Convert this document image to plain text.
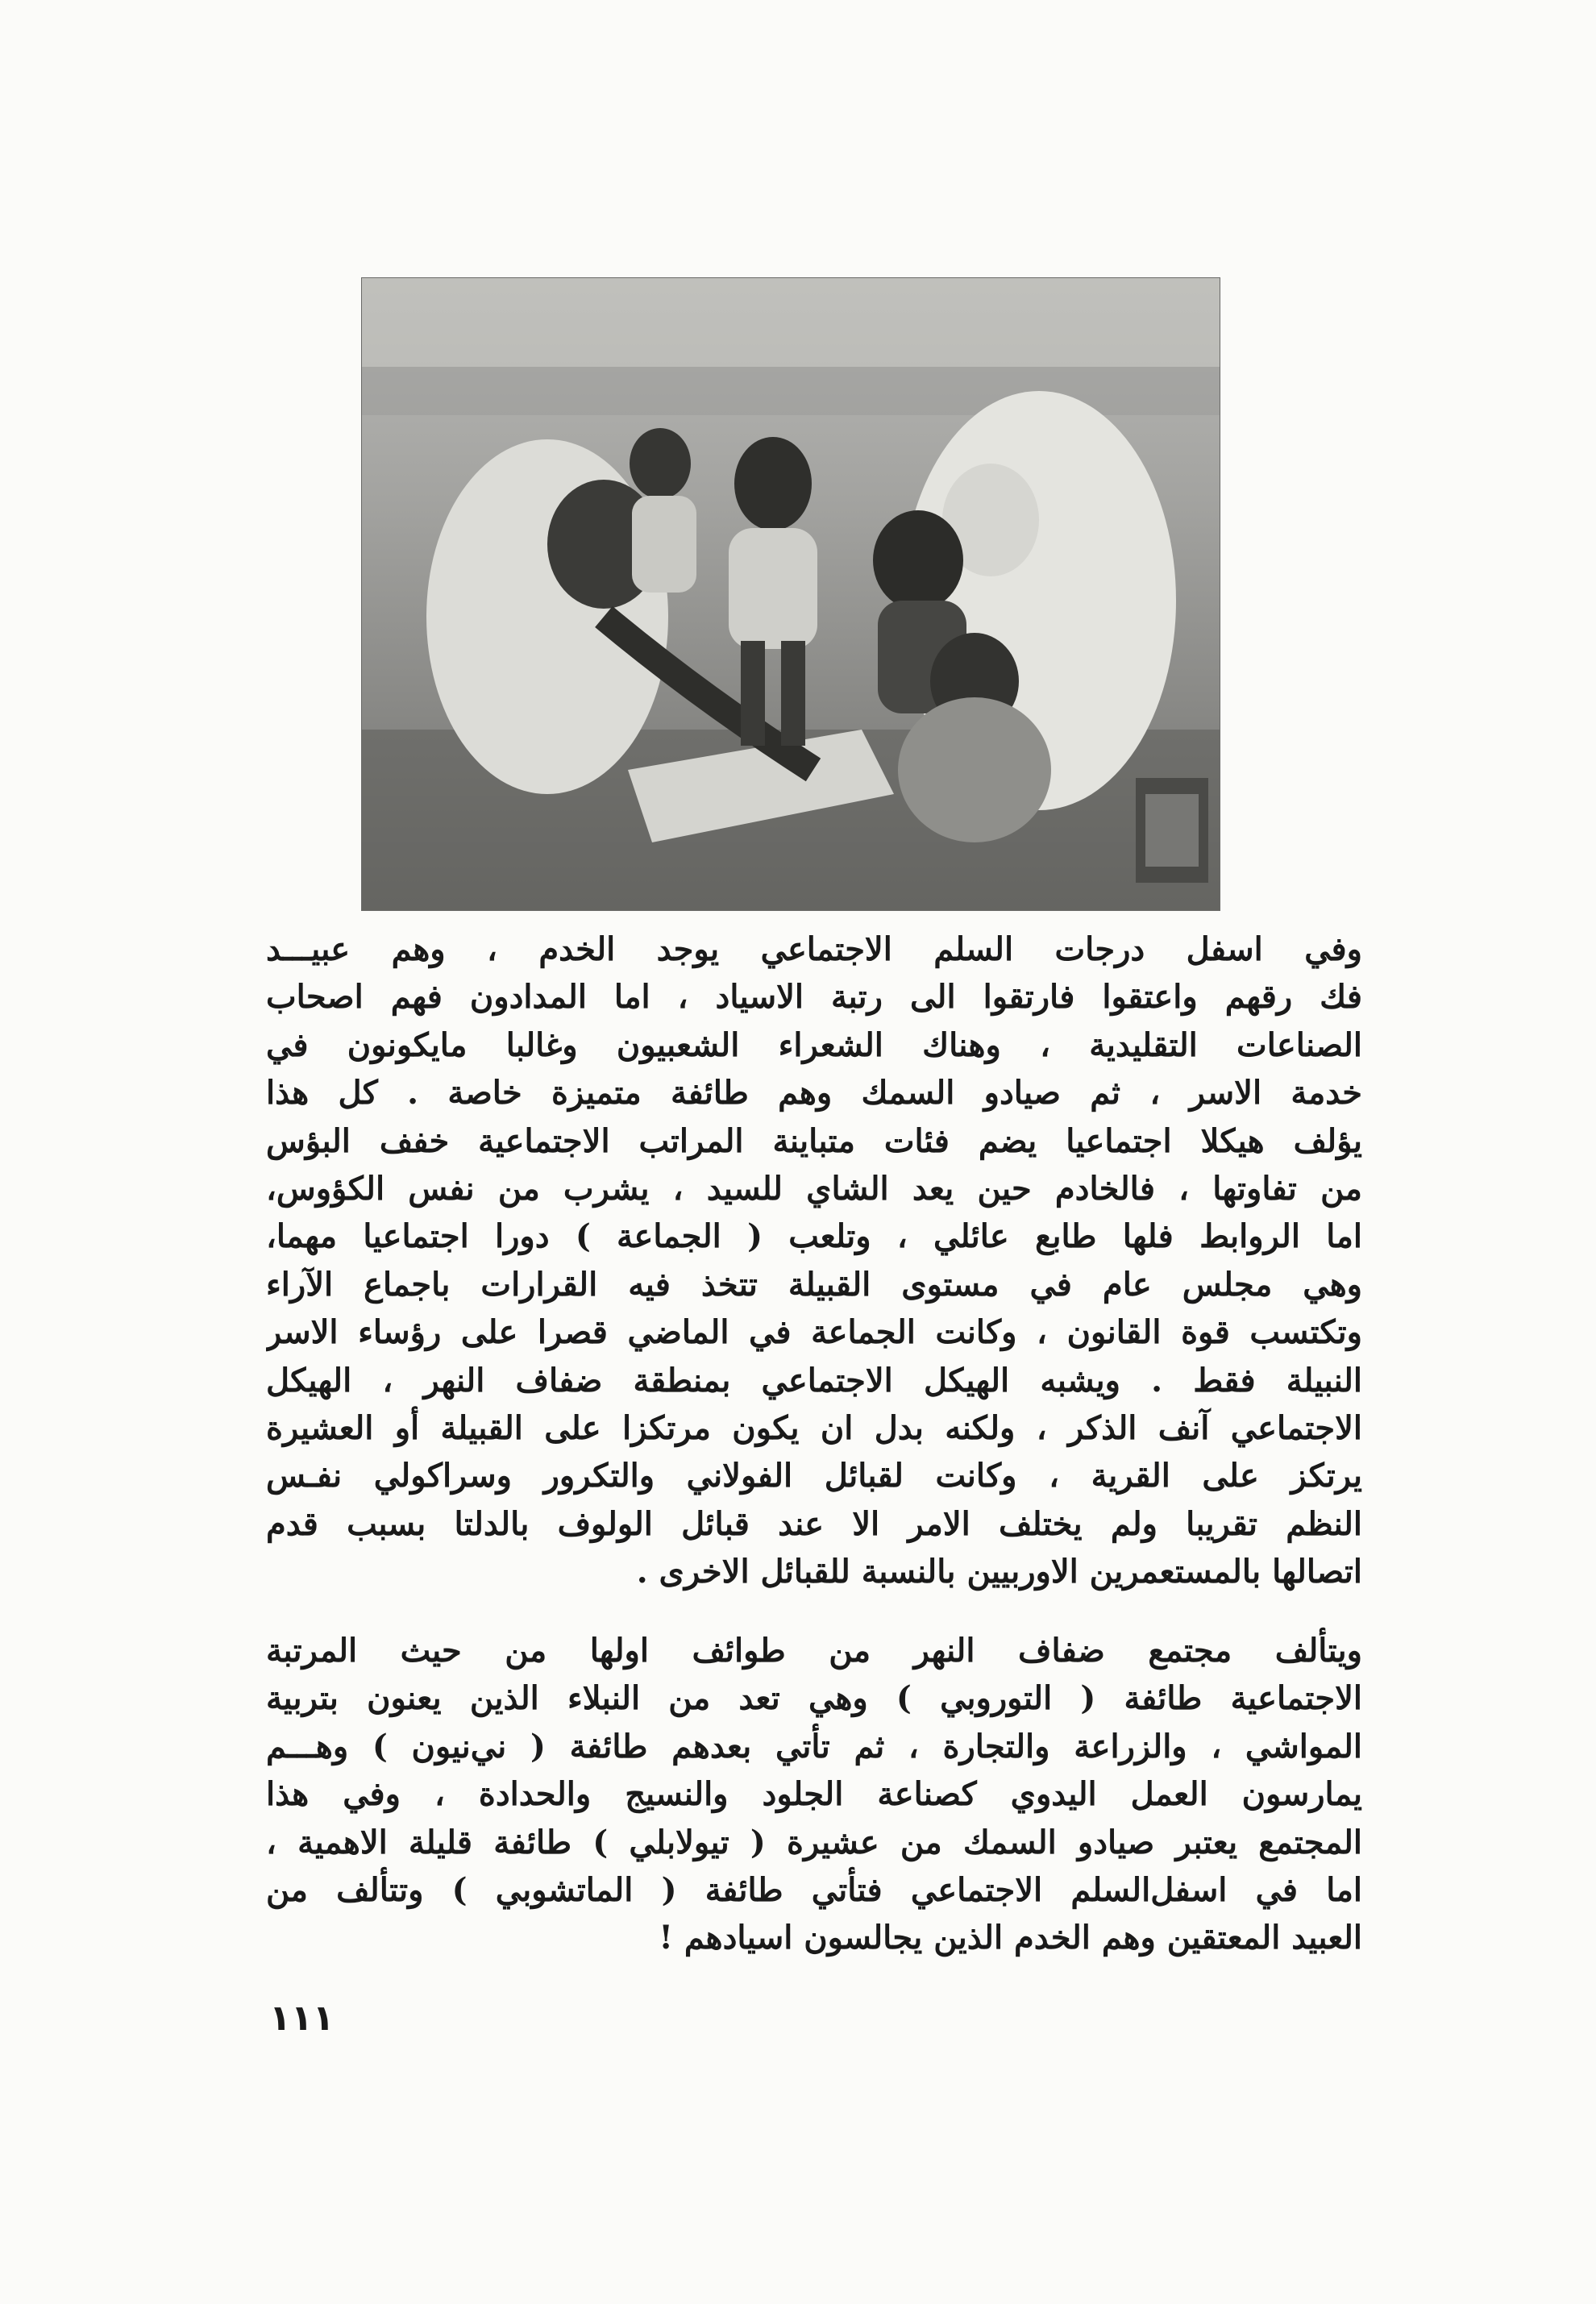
وفي اسفل درجات السلم الاجتماعي يوجد الخدم ، وهم عبيـــد
فك رقهم واعتقوا فارتقوا الى رتبة الاسياد ، اما المدادون فهم اصحاب
الصناعات التقليدية ، وهناك الشعراء الشعبيون وغالبا مايكونون في
خدمة الاسر ، ثم صيادو السمك وهم طائفة متميزة خاصة . كل هذا
يؤلف هيكلا اجتماعيا يضم فئات متباينة المراتب الاجتماعية خفف البؤس
من تفاوتها ، فالخادم حين يعد الشاي للسيد ، يشرب من نفس الكؤوس،
اما الروابط فلها طابع عائلي ، وتلعب ( الجماعة ) دورا اجتماعيا مهما،
وهي مجلس عام في مستوى القبيلة تتخذ فيه القرارات باجماع الآراء
وتكتسب قوة القانون ، وكانت الجماعة في الماضي قصرا على رؤساء الاسر
النبيلة فقط . ويشبه الهيكل الاجتماعي بمنطقة ضفاف النهر ، الهيكل
الاجتماعي آنف الذكر ، ولكنه بدل ان يكون مرتكزا على القبيلة أو العشيرة
يرتكز على القرية ، وكانت لقبائل الفولاني والتكرور وسراكولي نفـس
النظم تقريبا ولم يختلف الامر الا عند قبائل الولوف بالدلتا بسبب قدم
اتصالها بالمستعمرين الاوربيين بالنسبة للقبائل الاخرى .
ويتألف مجتمع ضفاف النهر من طوائف اولها من حيث المرتبة
الاجتماعية طائفة ( التوروبي ) وهي تعد من النبلاء الذين يعنون بتربية
المواشي ، والزراعة والتجارة ، ثم تأتي بعدهم طائفة ( ني‌نيون ) وهـــم
يمارسون العمل اليدوي كصناعة الجلود والنسيج والحدادة ، وفي هذا
المجتمع يعتبر صيادو السمك من عشيرة ( تيولابلي ) طائفة قليلة الاهمية ،
اما في اسفل‌السلم الاجتماعي فتأتي طائفة ( الماتشوبي ) وتتألف من
العبيد المعتقين وهم الخدم الذين يجالسون اسيادهم !
١١١
